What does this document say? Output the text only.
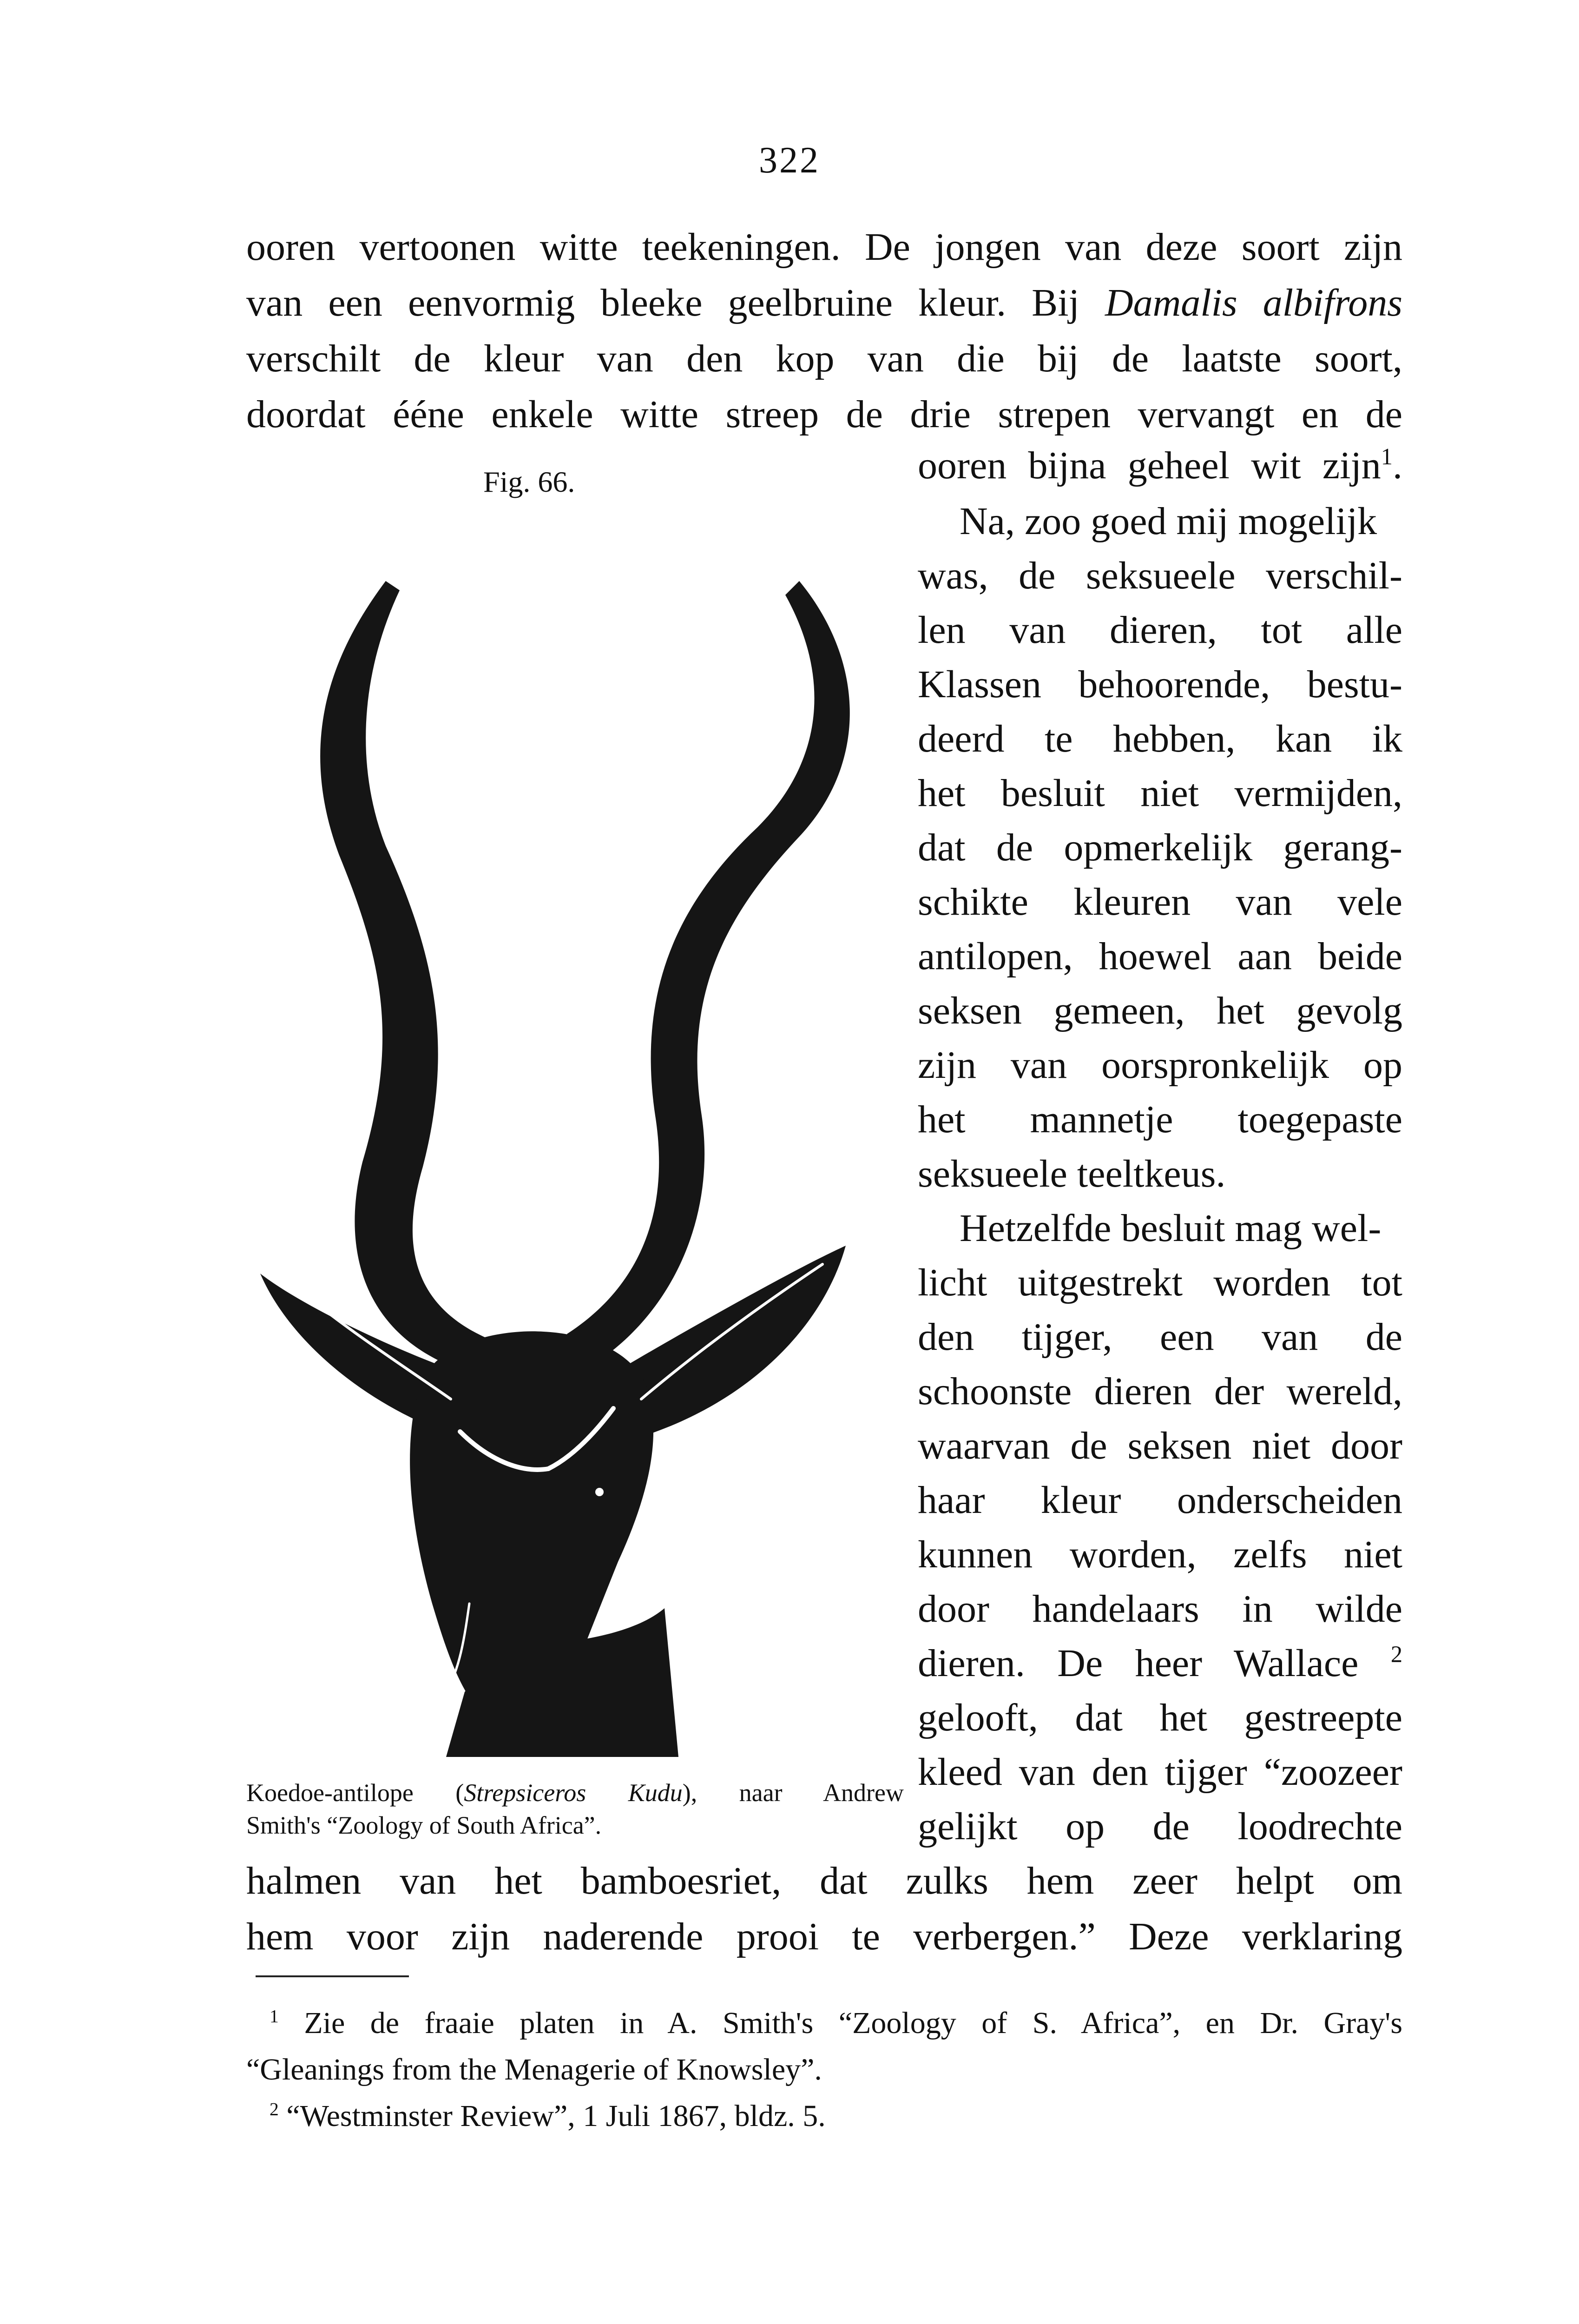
322
ooren vertoonen witte teekeningen. De jongen van deze soort zijn
van een eenvormig bleeke geelbruine kleur. Bij Damalis albifrons
verschilt de kleur van den kop van die bij de laatste soort,
doordat ééne enkele witte streep de drie strepen vervangt en de
Fig. 66.	ooren bijna geheel wit zijn$^1$.
Na, zoo goed mij mogelijk
was, de seksueele verschil-
len van dieren, tot alle
Klassen behoorende, bestu-
deerd te hebben, kan ik
het besluit niet vermijden,
dat de opmerkelijk gerang-
schikte kleuren van vele
antilopen, hoewel aan beide
seksen gemeen, het gevolg
zijn van oorspronkelijk op
het mannetje toegepaste
seksueele teeltkeus.
Hetzelfde besluit mag wel-
licht uitgestrekt worden tot
den tijger, een van de
schoonste dieren der wereld,
waarvan de seksen niet door
haar kleur onderscheiden
kunnen worden, zelfs niet
door handelaars in wilde
dieren. De heer Wallace $^2$
gelooft, dat het gestreepte
kleed van den tijger “zoozeer
gelijkt op de loodrechte
Koedoe-antilope (Strepsiceros Kudu), naar Andrew
Smith's “Zoology of South Africa”.
halmen van het bamboesriet, dat zulks hem zeer helpt om
hem voor zijn naderende prooi te verbergen.” Deze verklaring
$^1$ Zie de fraaie platen in A. Smith's “Zoology of S. Africa”, en Dr. Gray's
“Gleanings from the Menagerie of Knowsley”.
$^2$ “Westminster Review”, 1 Juli 1867, bldz. 5.
